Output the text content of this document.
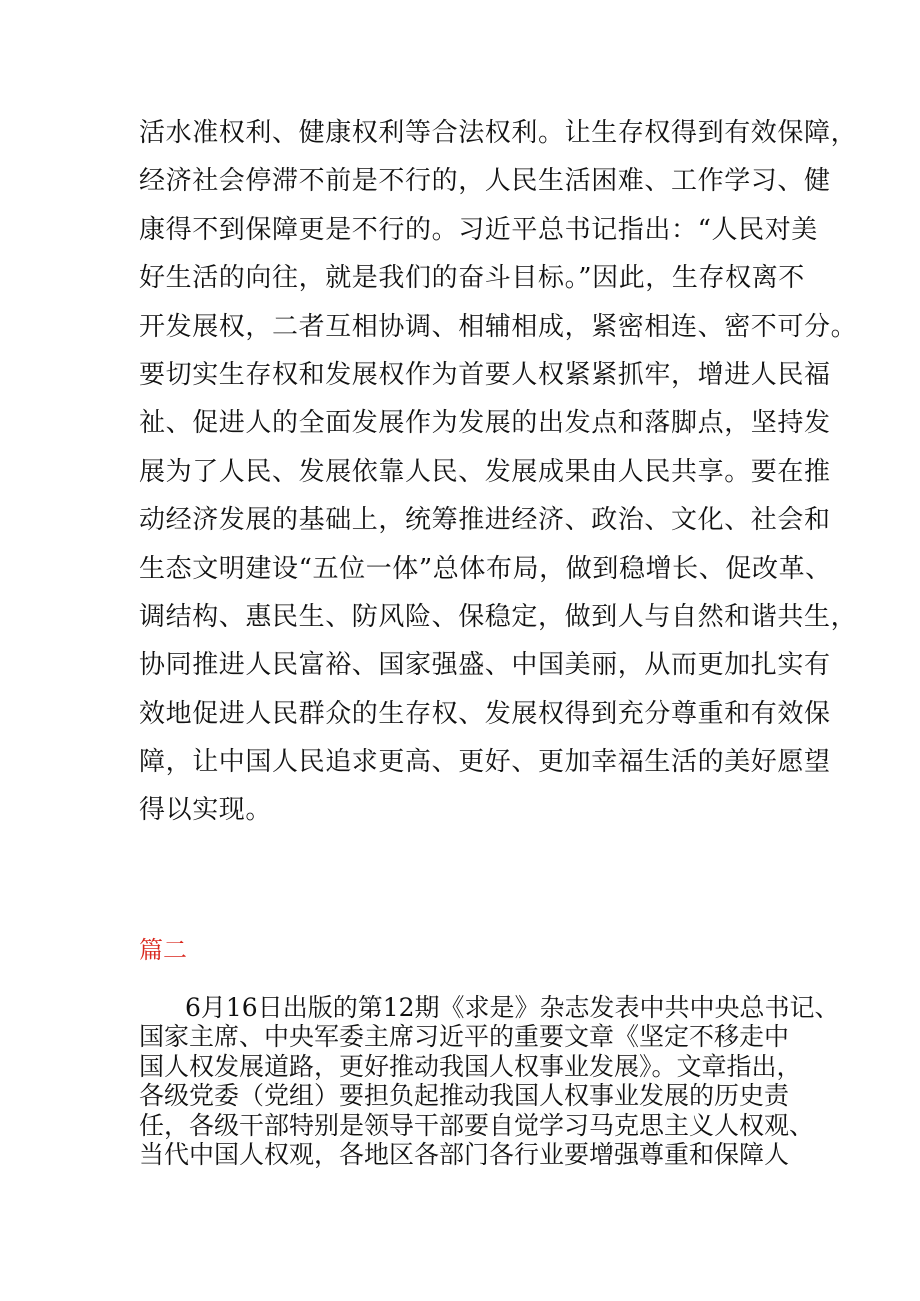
活水准权利、健康权利等合法权利。让生存权得到有效保障，
经济社会停滞不前是不行的，人民生活困难、工作学习、健
康得不到保障更是不行的。习近平总书记指出：“人民对美
好生活的向往，就是我们的奋斗目标。”因此，生存权离不
开发展权，二者互相协调、相辅相成，紧密相连、密不可分。
要切实生存权和发展权作为首要人权紧紧抓牢，增进人民福
祉、促进人的全面发展作为发展的出发点和落脚点，坚持发
展为了人民、发展依靠人民、发展成果由人民共享。要在推
动经济发展的基础上，统筹推进经济、政治、文化、社会和
生态文明建设“五位一体”总体布局，做到稳增长、促改革、
调结构、惠民生、防风险、保稳定，做到人与自然和谐共生，
协同推进人民富裕、国家强盛、中国美丽，从而更加扎实有
效地促进人民群众的生存权、发展权得到充分尊重和有效保
障，让中国人民追求更高、更好、更加幸福生活的美好愿望
得以实现。
篇二
6月16日出版的第12期《求是》杂志发表中共中央总书记、
国家主席、中央军委主席习近平的重要文章《坚定不移走中
国人权发展道路，更好推动我国人权事业发展》。文章指出，
各级党委（党组）要担负起推动我国人权事业发展的历史责
任，各级干部特别是领导干部要自觉学习马克思主义人权观、
当代中国人权观，各地区各部门各行业要增强尊重和保障人
